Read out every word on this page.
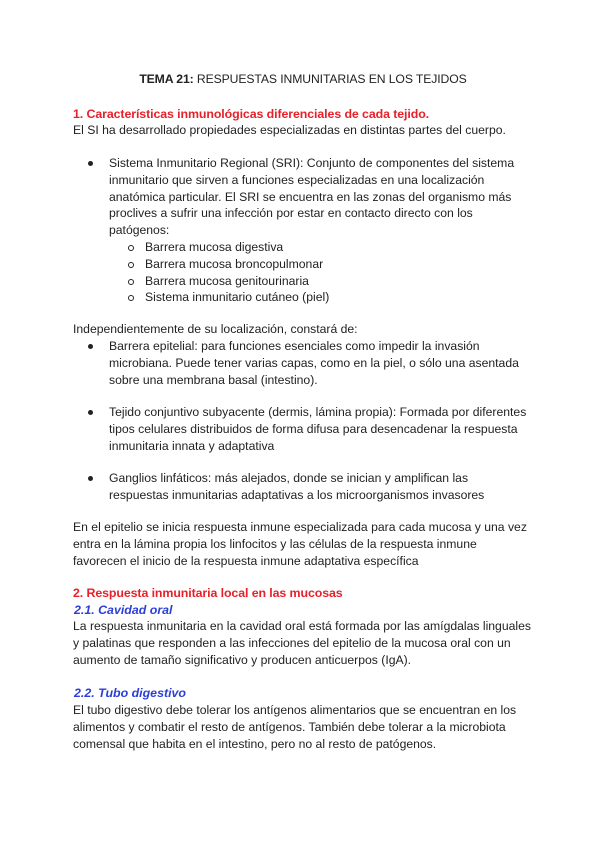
TEMA 21: RESPUESTAS INMUNITARIAS EN LOS TEJIDOS
1. Características inmunológicas diferenciales de cada tejido.
El SI ha desarrollado propiedades especializadas en distintas partes del cuerpo.
Sistema Inmunitario Regional (SRI): Conjunto de componentes del sistema inmunitario que sirven a funciones especializadas en una localización anatómica particular. El SRI se encuentra en las zonas del organismo más proclives a sufrir una infección por estar en contacto directo con los patógenos:
Barrera mucosa digestiva
Barrera mucosa broncopulmonar
Barrera mucosa genitourinaria
Sistema inmunitario cutáneo (piel)
Independientemente de su localización, constará de:
Barrera epitelial: para funciones esenciales como impedir la invasión microbiana. Puede tener varias capas, como en la piel, o sólo una asentada sobre una membrana basal (intestino).
Tejido conjuntivo subyacente (dermis, lámina propia): Formada por diferentes tipos celulares distribuidos de forma difusa para desencadenar la respuesta inmunitaria innata y adaptativa
Ganglios linfáticos: más alejados, donde se inician y amplifican las respuestas inmunitarias adaptativas a los microorganismos invasores
En el epitelio se inicia respuesta inmune especializada para cada mucosa y una vez entra en la lámina propia los linfocitos y las células de la respuesta inmune favorecen el inicio de la respuesta inmune adaptativa específica
2. Respuesta inmunitaria local en las mucosas
2.1. Cavidad oral
La respuesta inmunitaria en la cavidad oral está formada por las amígdalas linguales y palatinas que responden a las infecciones del epitelio de la mucosa oral con un aumento de tamaño significativo y producen anticuerpos (IgA).
2.2. Tubo digestivo
El tubo digestivo debe tolerar los antígenos alimentarios que se encuentran en los alimentos y combatir el resto de antígenos. También debe tolerar a la microbiota comensal que habita en el intestino, pero no al resto de patógenos.
